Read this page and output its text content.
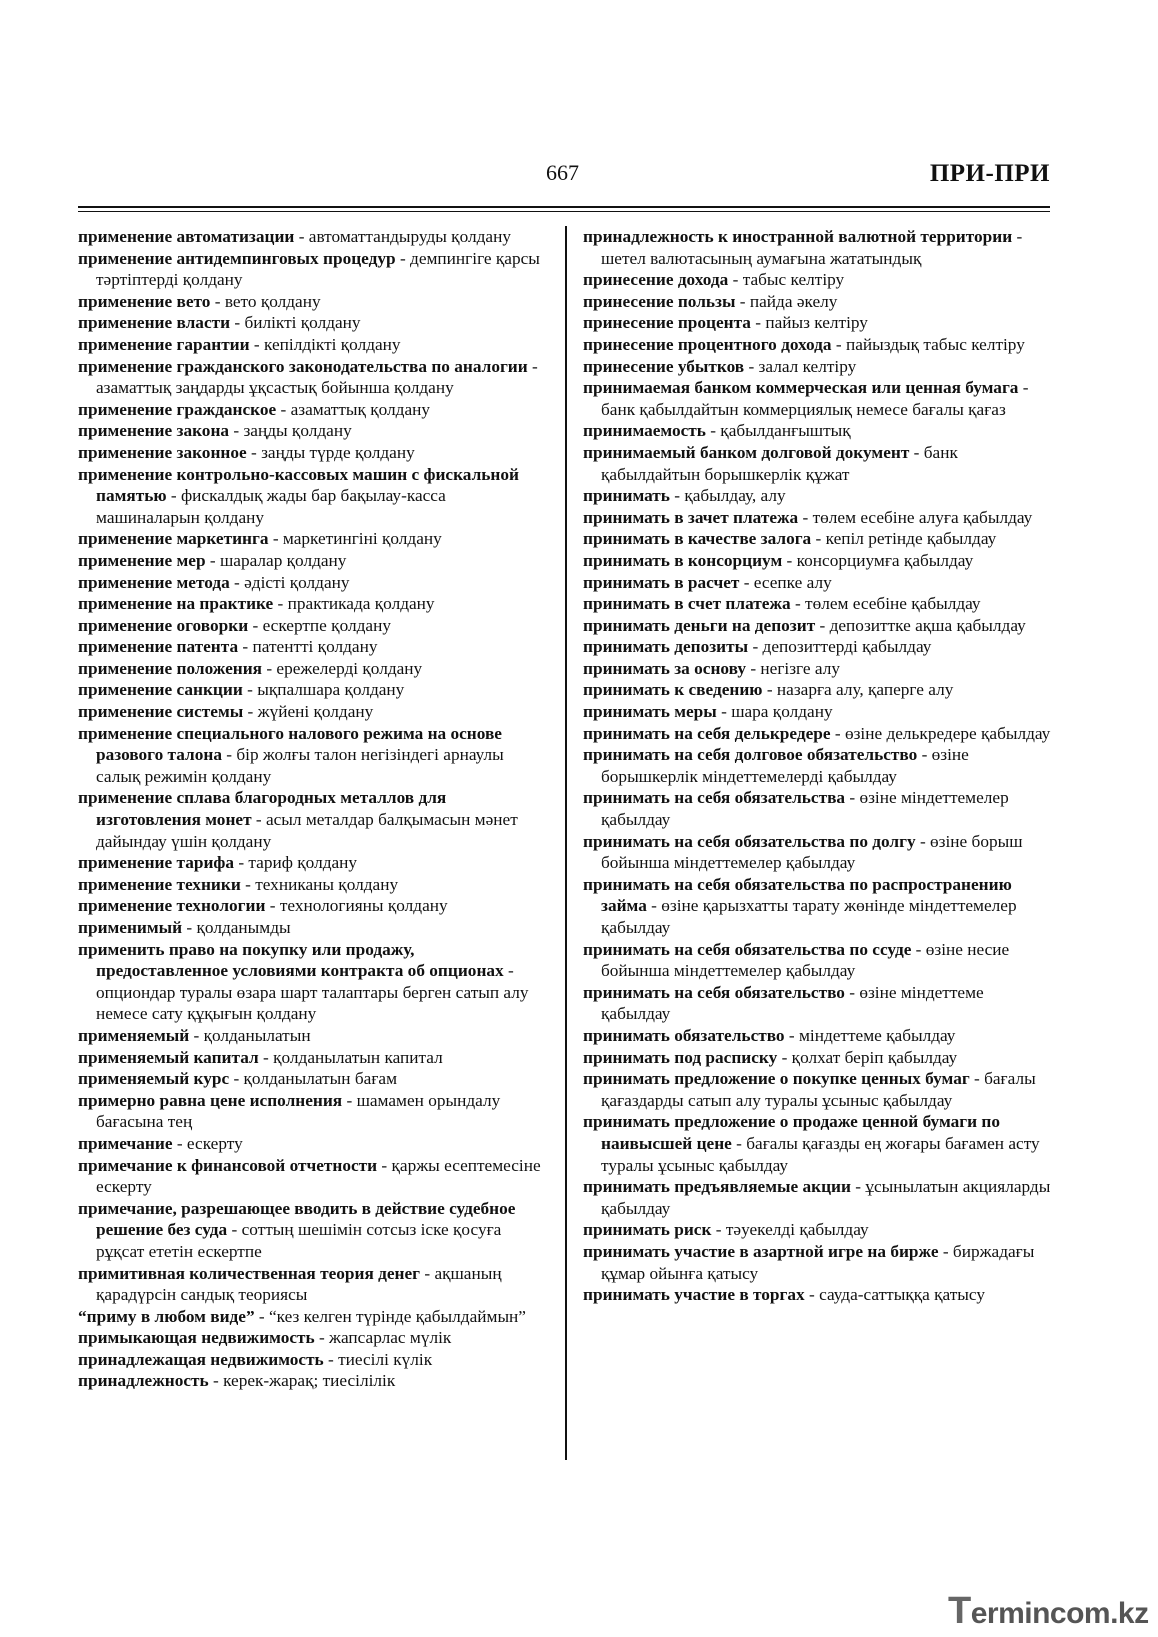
667	ПРИ-ПРИ

применение автоматизации - автоматтандыруды қолдану

применение антидемпинговых процедур - демпингіге қарсы тәртіптерді қолдану

применение вето - вето қолдану

применение власти - билікті қолдану

применение гарантии - кепілдікті қолдану

применение гражданского законодательства по аналогии - азаматтық заңдарды ұқсастық бойынша қолдану

применение гражданское - азаматтық қолдану

применение закона - заңды қолдану

применение законное - заңды түрде қолдану

применение контрольно-кассовых машин с фискальной памятью - фискалдық жады бар бақылау-касса машиналарын қолдану

применение маркетинга - маркетингіні қолдану

применение мер - шаралар қолдану

применение метода - әдісті қолдану

применение на практике - практикада қолдану

применение оговорки - ескертпе қолдану

применение патента - патентті қолдану

применение положения - ережелерді қолдану

применение санкции - ықпалшара қолдану

применение системы - жүйені қолдану

применение специального налового режима на основе разового талона - бір жолғы талон негізіндегі арнаулы салық режимін қолдану

применение сплава благородных металлов для изготовления монет - асыл металдар балқымасын мәнет дайындау үшін қолдану

применение тарифа - тариф қолдану

применение техники - техниканы қолдану

применение технологии - технологияны қолдану

применимый - қолданымды

применить право на покупку или продажу, предоставленное условиями контракта об опционах - опциондар туралы өзара шарт талаптары берген сатып алу немесе сату құқығын қолдану

применяемый - қолданылатын

применяемый капитал - қолданылатын капитал

применяемый курс - қолданылатын бағам

примерно равна цене исполнения - шамамен орындалу бағасына тең

примечание - ескерту

примечание к финансовой отчетности - қаржы есептемесіне ескерту

примечание, разрешающее вводить в действие судебное решение без суда - соттың шешімін сотсыз іске қосуға рұқсат ететін ескертпе

примитивная количественная теория денег - ақшаның қарадүрсін сандық теориясы

“приму в любом виде” - “кез келген түрінде қабылдаймын”

примыкающая недвижимость - жапсарлас мүлік

принадлежащая недвижимость - тиесілі күлік

принадлежность - керек-жарақ; тиесілілік

принадлежность к иностранной валютной территории - шетел валютасының аумағына жататындық

принесение дохода - табыс келтіру

принесение пользы - пайда әкелу

принесение процента - пайыз келтіру

принесение процентного дохода - пайыздық табыс келтіру

принесение убытков - залал келтіру

принимаемая банком коммерческая или ценная бумага - банк қабылдайтын коммерциялық немесе бағалы қағаз

принимаемость - қабылданғыштық

принимаемый банком долговой документ - банк қабылдайтын борышкерлік құжат

принимать - қабылдау, алу

принимать в зачет платежа - төлем есебіне алуға қабылдау

принимать в качестве залога - кепіл ретінде қабылдау

принимать в консорциум - консорциумға қабылдау

принимать в расчет - есепке алу

принимать в счет платежа - төлем есебіне қабылдау

принимать деньги на депозит - депозиттке ақша қабылдау

принимать депозиты - депозиттерді қабылдау

принимать за основу - негізге алу

принимать к сведению - назарға алу, қаперге алу

принимать меры - шара қолдану

принимать на себя делькредере - өзіне делькредере қабылдау

принимать на себя долговое обязательство - өзіне борышкерлік міндеттемелерді қабылдау

принимать на себя обязательства - өзіне міндеттемелер қабылдау

принимать на себя обязательства по долгу - өзіне борыш бойынша міндеттемелер қабылдау

принимать на себя обязательства по распространению займа - өзіне қарызхатты тарату жөнінде міндеттемелер қабылдау

принимать на себя обязательства по ссуде - өзіне несие бойынша міндеттемелер қабылдау

принимать на себя обязательство - өзіне міндеттеме қабылдау

принимать обязательство - міндеттеме қабылдау

принимать под расписку - қолхат беріп қабылдау

принимать предложение о покупке ценных бумаг - бағалы қағаздарды сатып алу туралы ұсыныс қабылдау

принимать предложение о продаже ценной бумаги по наивысшей цене - бағалы қағазды ең жоғары бағамен асту туралы ұсыныс қабылдау

принимать предъявляемые акции - ұсынылатын акцияларды қабылдау

принимать риск - тәуекелді қабылдау

принимать участие в азартной игре на бирже - биржадағы құмар ойынға қатысу

принимать участие в торгах - сауда-саттыққа қатысу

Termincom.kz
